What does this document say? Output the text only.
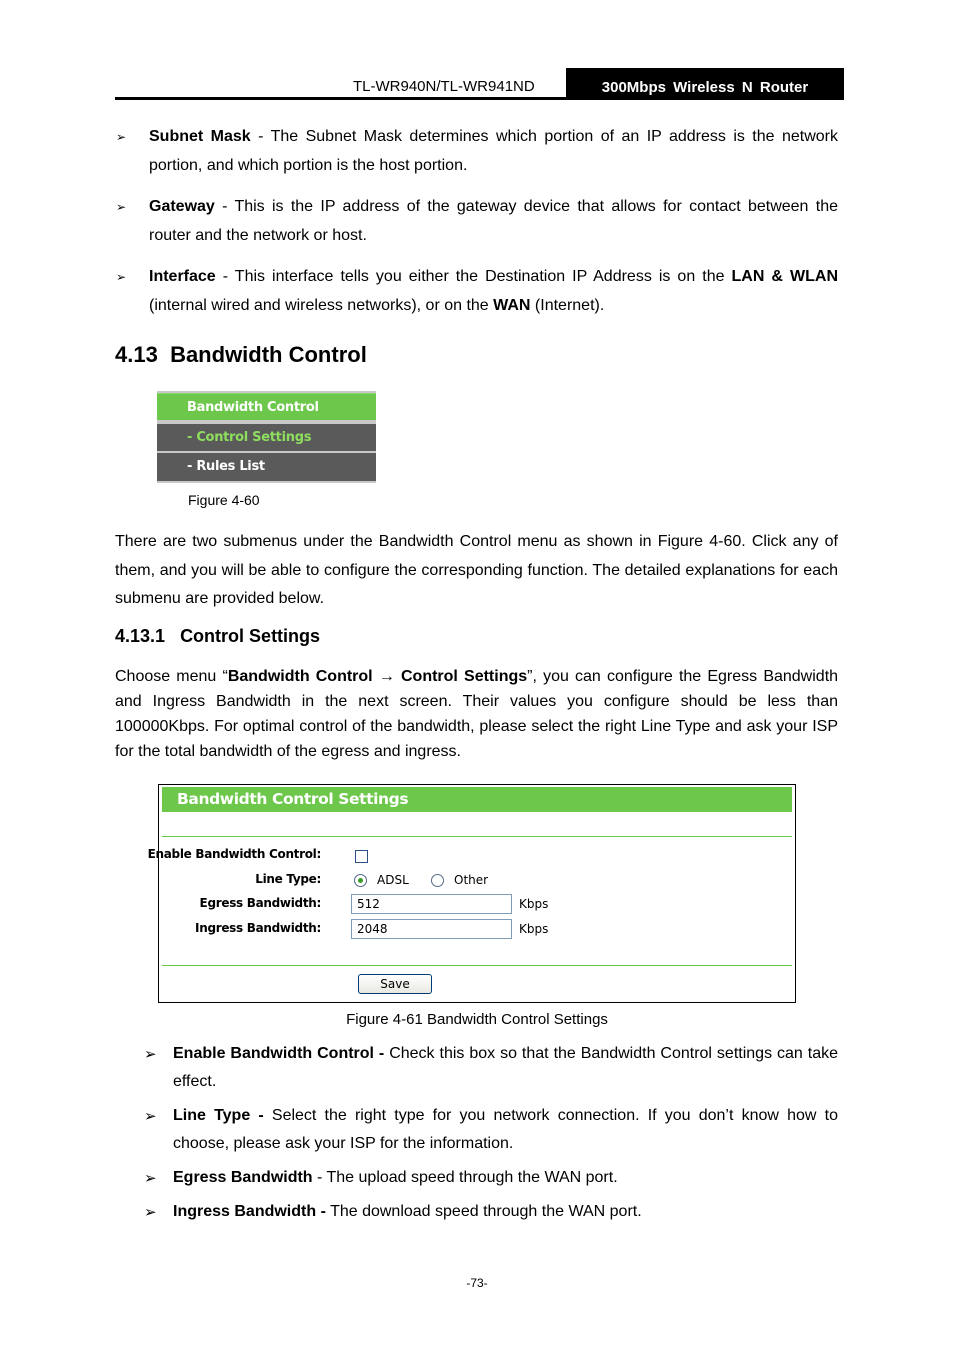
TL-WR940N/TL-WR941ND	300Mbps Wireless N Router
➢ Subnet Mask - The Subnet Mask determines which portion of an IP address is the network portion, and which portion is the host portion.
➢ Gateway - This is the IP address of the gateway device that allows for contact between the router and the network or host.
➢ Interface - This interface tells you either the Destination IP Address is on the LAN & WLAN (internal wired and wireless networks), or on the WAN (Internet).
4.13 Bandwidth Control
Bandwidth Control
- Control Settings
- Rules List
Figure 4-60
There are two submenus under the Bandwidth Control menu as shown in Figure 4-60. Click any of them, and you will be able to configure the corresponding function. The detailed explanations for each submenu are provided below.
4.13.1 Control Settings
Choose menu “Bandwidth Control → Control Settings”, you can configure the Egress Bandwidth and Ingress Bandwidth in the next screen. Their values you configure should be less than 100000Kbps. For optimal control of the bandwidth, please select the right Line Type and ask your ISP for the total bandwidth of the egress and ingress.
Bandwidth Control Settings
Enable Bandwidth Control:
Line Type:	ADSL	Other
Egress Bandwidth:	512	Kbps
Ingress Bandwidth:	2048	Kbps
Save
Figure 4-61 Bandwidth Control Settings
➢ Enable Bandwidth Control - Check this box so that the Bandwidth Control settings can take effect.
➢ Line Type - Select the right type for you network connection. If you don’t know how to choose, please ask your ISP for the information.
➢ Egress Bandwidth - The upload speed through the WAN port.
➢ Ingress Bandwidth - The download speed through the WAN port.
-73-
